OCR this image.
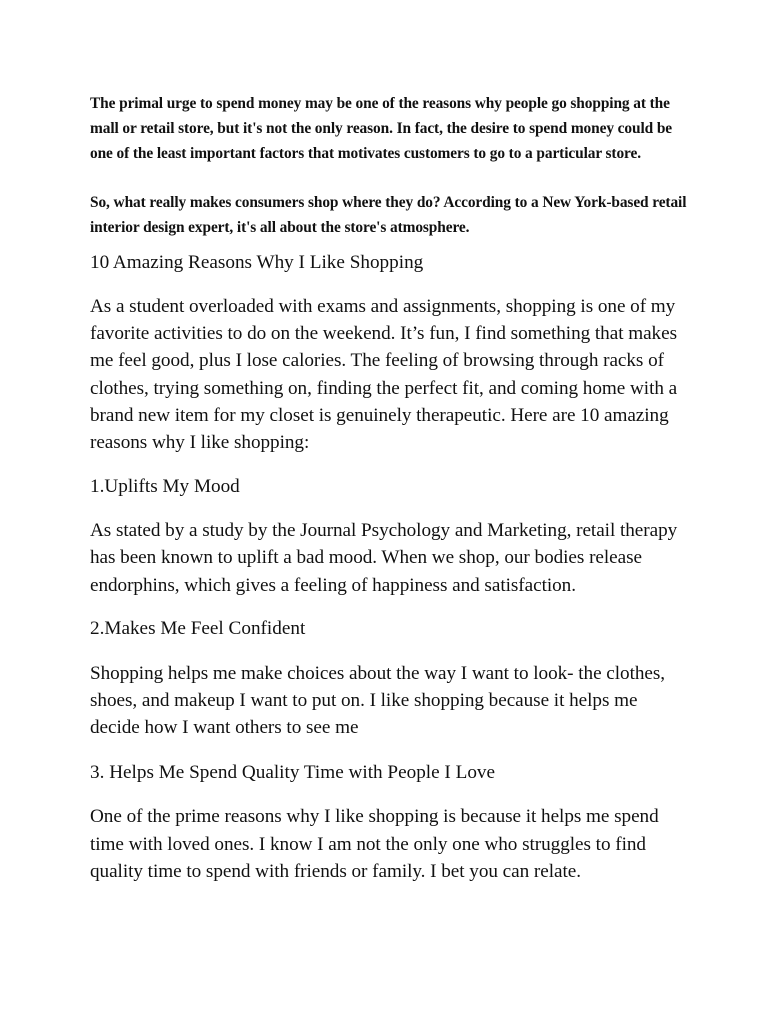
The primal urge to spend money may be one of the reasons why people go shopping at the mall or retail store, but it's not the only reason. In fact, the desire to spend money could be one of the least important factors that motivates customers to go to a particular store.

So, what really makes consumers shop where they do? According to a New York-based retail interior design expert, it's all about the store's atmosphere.

10 Amazing Reasons Why I Like Shopping

As a student overloaded with exams and assignments, shopping is one of my favorite activities to do on the weekend. It’s fun, I find something that makes me feel good, plus I lose calories. The feeling of browsing through racks of clothes, trying something on, finding the perfect fit, and coming home with a brand new item for my closet is genuinely therapeutic. Here are 10 amazing reasons why I like shopping:

1.Uplifts My Mood

As stated by a study by the Journal Psychology and Marketing, retail therapy has been known to uplift a bad mood. When we shop, our bodies release endorphins, which gives a feeling of happiness and satisfaction.

2.Makes Me Feel Confident

Shopping helps me make choices about the way I want to look- the clothes, shoes, and makeup I want to put on. I like shopping because it helps me decide how I want others to see me

3. Helps Me Spend Quality Time with People I Love

One of the prime reasons why I like shopping is because it helps me spend time with loved ones. I know I am not the only one who struggles to find quality time to spend with friends or family. I bet you can relate.
